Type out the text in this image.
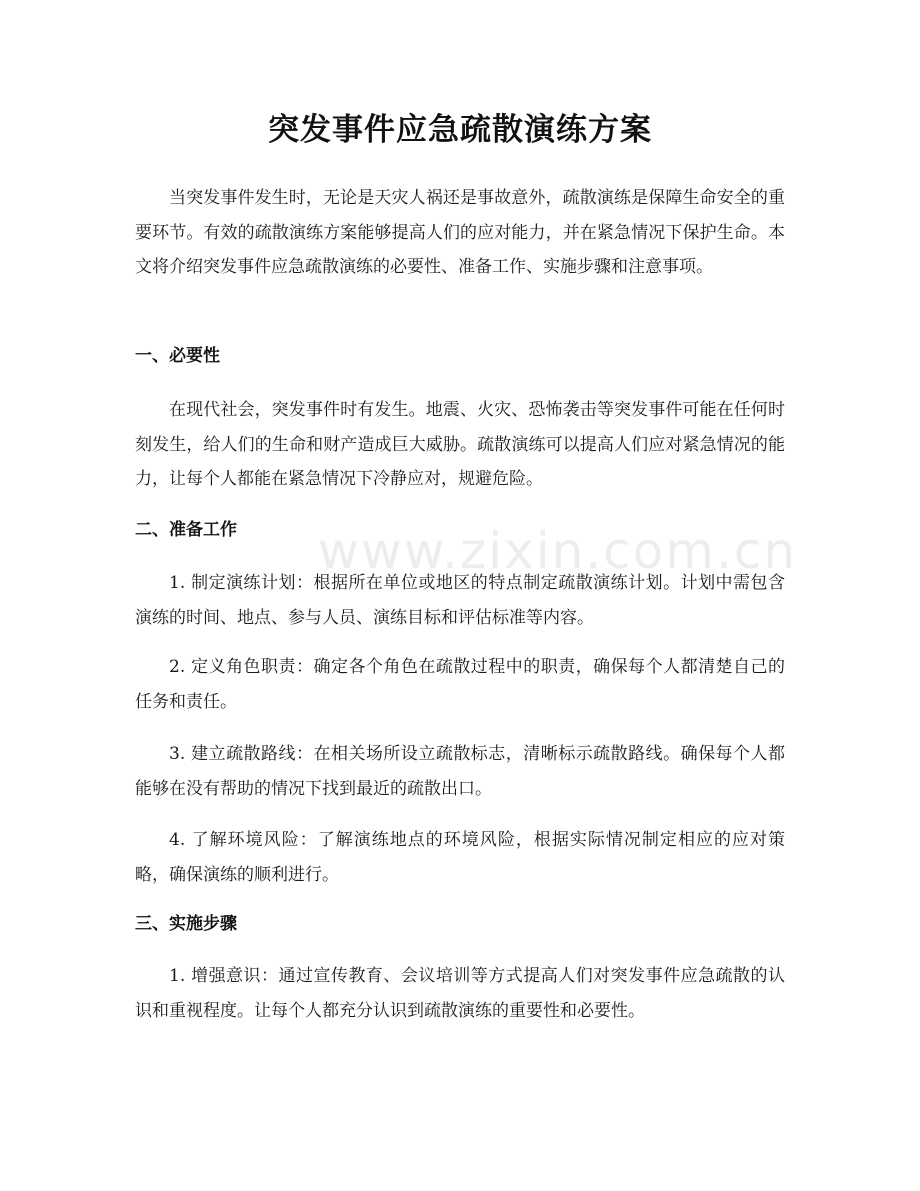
www.zixin.com.cn
突发事件应急疏散演练方案

当突发事件发生时，无论是天灾人祸还是事故意外，疏散演练是保障生命安全的重要环节。有效的疏散演练方案能够提高人们的应对能力，并在紧急情况下保护生命。本文将介绍突发事件应急疏散演练的必要性、准备工作、实施步骤和注意事项。

一、必要性

在现代社会，突发事件时有发生。地震、火灾、恐怖袭击等突发事件可能在任何时刻发生，给人们的生命和财产造成巨大威胁。疏散演练可以提高人们应对紧急情况的能力，让每个人都能在紧急情况下冷静应对，规避危险。

二、准备工作

1. 制定演练计划：根据所在单位或地区的特点制定疏散演练计划。计划中需包含演练的时间、地点、参与人员、演练目标和评估标准等内容。

2. 定义角色职责：确定各个角色在疏散过程中的职责，确保每个人都清楚自己的任务和责任。

3. 建立疏散路线：在相关场所设立疏散标志，清晰标示疏散路线。确保每个人都能够在没有帮助的情况下找到最近的疏散出口。

4. 了解环境风险：了解演练地点的环境风险，根据实际情况制定相应的应对策略，确保演练的顺利进行。

三、实施步骤

1. 增强意识：通过宣传教育、会议培训等方式提高人们对突发事件应急疏散的认识和重视程度。让每个人都充分认识到疏散演练的重要性和必要性。
